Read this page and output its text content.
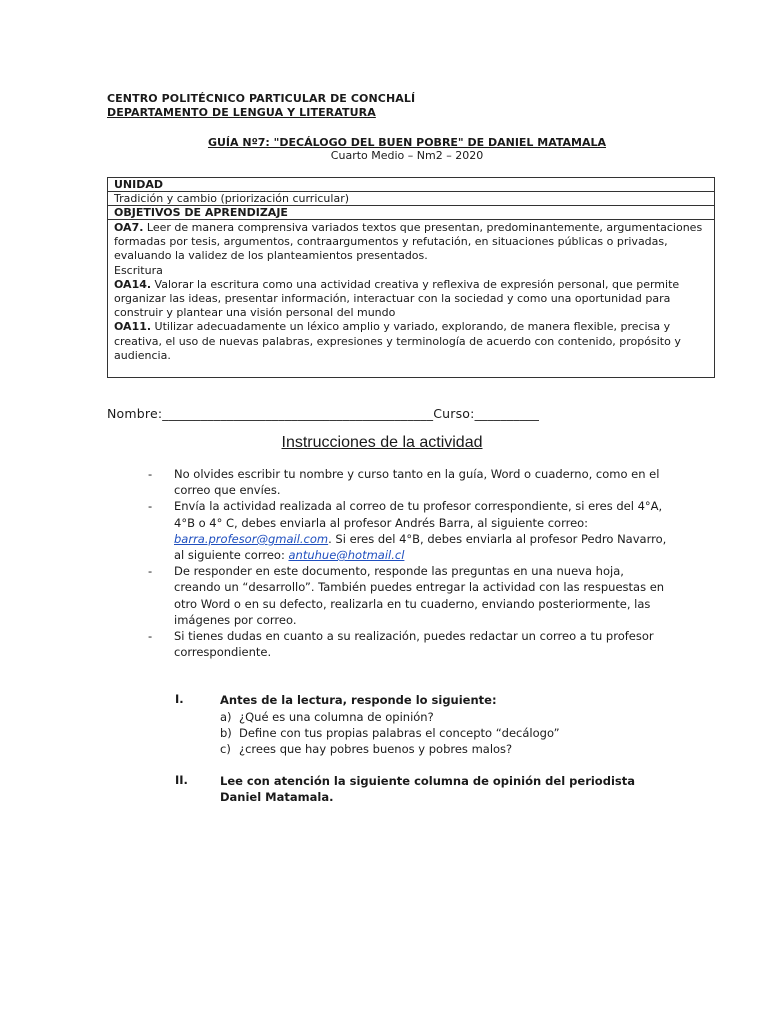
CENTRO POLITÉCNICO PARTICULAR DE CONCHALÍ
DEPARTAMENTO DE LENGUA Y LITERATURA
GUÍA Nº7: "DECÁLOGO DEL BUEN POBRE" DE DANIEL MATAMALA
Cuarto Medio – Nm2 – 2020
UNIDAD
Tradición y cambio (priorización curricular)
OBJETIVOS DE APRENDIZAJE
OA7. Leer de manera comprensiva variados textos que presentan, predominantemente, argumentaciones formadas por tesis, argumentos, contraargumentos y refutación, en situaciones públicas o privadas, evaluando la validez de los planteamientos presentados.
Escritura
OA14. Valorar la escritura como una actividad creativa y reflexiva de expresión personal, que permite organizar las ideas, presentar información, interactuar con la sociedad y como una oportunidad para construir y plantear una visión personal del mundo
OA11. Utilizar adecuadamente un léxico amplio y variado, explorando, de manera flexible, precisa y creativa, el uso de nuevas palabras, expresiones y terminología de acuerdo con contenido, propósito y audiencia.
Nombre:__________________________________________Curso:__________
Instrucciones de la actividad
- No olvides escribir tu nombre y curso tanto en la guía, Word o cuaderno, como en el correo que envíes.
- Envía la actividad realizada al correo de tu profesor correspondiente, si eres del 4°A, 4°B o 4° C, debes enviarla al profesor Andrés Barra, al siguiente correo: barra.profesor@gmail.com. Si eres del 4°B, debes enviarla al profesor Pedro Navarro, al siguiente correo: antuhue@hotmail.cl
- De responder en este documento, responde las preguntas en una nueva hoja, creando un “desarrollo”. También puedes entregar la actividad con las respuestas en otro Word o en su defecto, realizarla en tu cuaderno, enviando posteriormente, las imágenes por correo.
- Si tienes dudas en cuanto a su realización, puedes redactar un correo a tu profesor correspondiente.
I.	Antes de la lectura, responde lo siguiente:
a) ¿Qué es una columna de opinión?
b) Define con tus propias palabras el concepto “decálogo”
c) ¿crees que hay pobres buenos y pobres malos?
II.	Lee con atención la siguiente columna de opinión del periodista Daniel Matamala.
